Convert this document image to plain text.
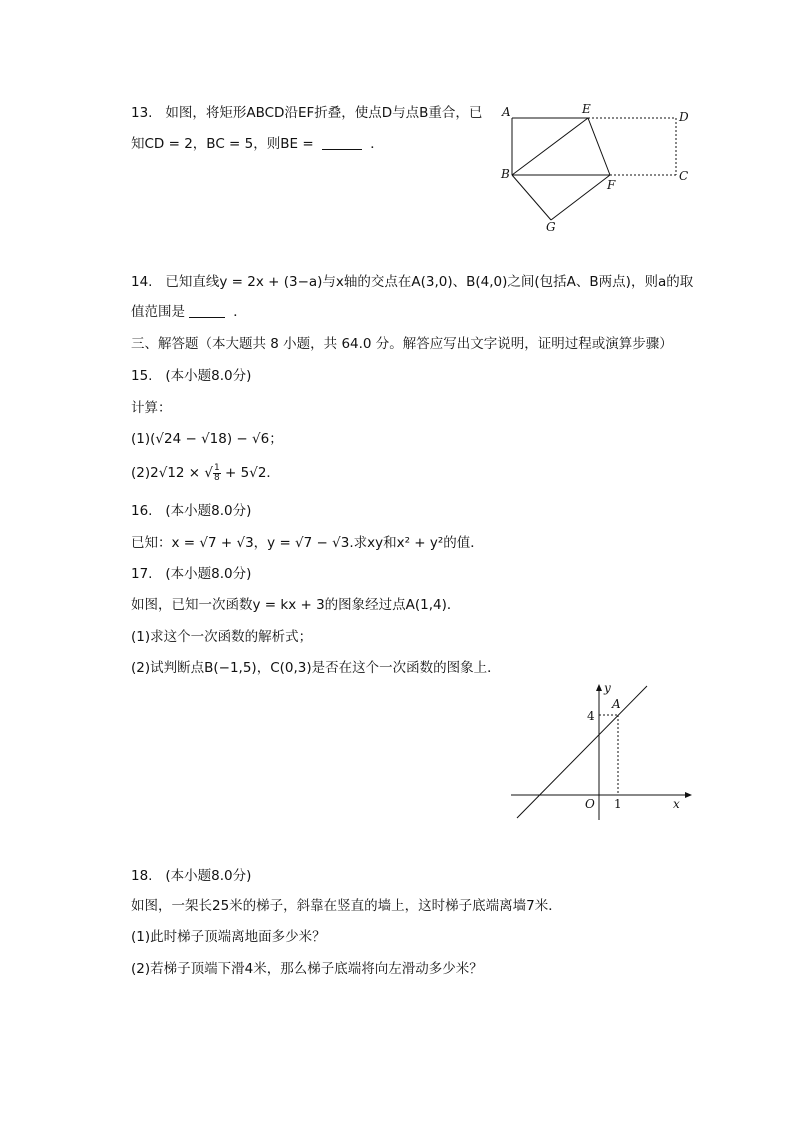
13. 如图，将矩形ABCD沿EF折叠，使点D与点B重合，已
知CD = 2，BC = 5，则BE =	．
A	E
D
B
F
C
G
14. 已知直线y = 2x + (3−a)与x轴的交点在A(3,0)、B(4,0)之间(包括A、B两点)，则a的取
值范围是	．
三、解答题（本大题共 8 小题，共 64.0 分。解答应写出文字说明，证明过程或演算步骤）
15. (本小题8.0分)
计算：
(1)(√24 − √18) − √6；
(2)2√12 × √ $\frac{1}{8} + 5√2$．
16. (本小题8.0分)
已知：x = √7 + √3，y = √7 − √3.求xy和x² + y²的值．
17. (本小题8.0分)
如图，已知一次函数y = kx + 3的图象经过点A(1,4)．
(1)求这个一次函数的解析式；
(2)试判断点B(−1,5)，C(0,3)是否在这个一次函数的图象上．
y
x
O
A
4
1
18. (本小题8.0分)
如图，一架长25米的梯子，斜靠在竖直的墙上，这时梯子底端离墙7米．
(1)此时梯子顶端离地面多少米？
(2)若梯子顶端下滑4米，那么梯子底端将向左滑动多少米？
